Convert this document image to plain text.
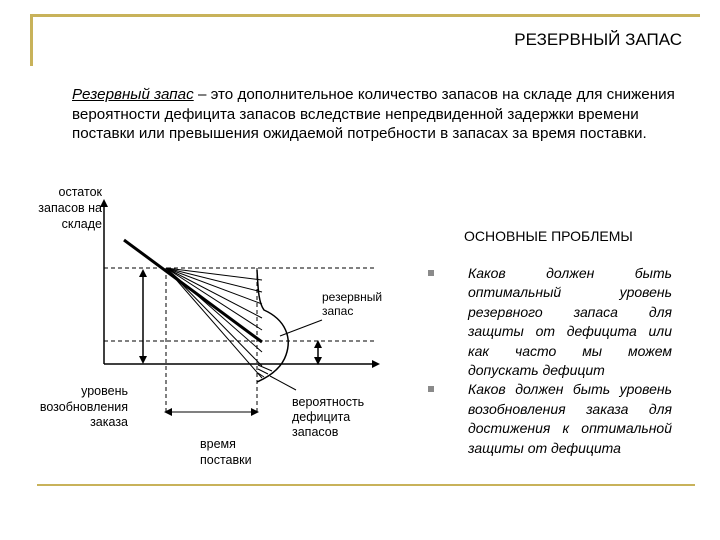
РЕЗЕРВНЫЙ ЗАПАС
Резервный запас – это дополнительное количество запасов на складе для снижения вероятности дефицита запасов вследствие непредвиденной задержки времени поставки или превышения ожидаемой потребности в запасах за время поставки.
остаток запасов на складе
резервный запас
уровень возобновления заказа
время поставки
вероятность дефицита запасов
ОСНОВНЫЕ ПРОБЛЕМЫ
Каков должен быть оптимальный уровень резервного запаса для защиты от дефицита или как часто мы можем допускать дефицит
Каков должен быть уровень возобновления заказа для достижения к оптимальной защиты от дефицита
